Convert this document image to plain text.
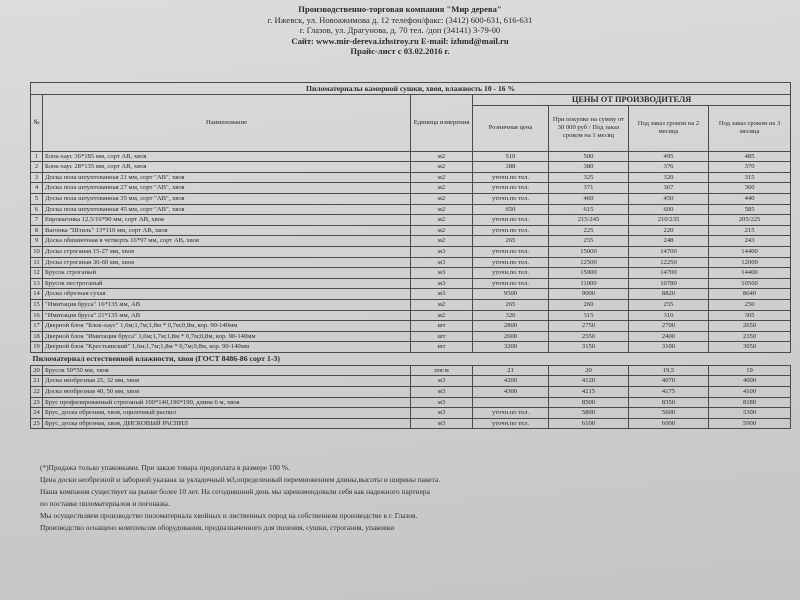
Производственно-торговая компания "Мир дерева"
г. Ижевск, ул. Новоажимова д. 12 телефон/факс: (3412) 600-631, 616-631
г. Глазов, ул. Драгунова, д. 70 тел. /доп (34141) 3-79-00
Сайт: www.mir-dereva.izhstroy.ru E-mail: izhmd@mail.ru
Прайс-лист с 03.02.2016 г.
Пиломатериалы камерной сушки, хвоя, влажность 10 - 16 %						
№	Наименование	Единица измерения	ЦЕНЫ ОТ ПРОИЗВОДИТЕЛЯ			
			Розничная цена	При покупке на сумму от 30 000 руб / Под заказ сроком на 1 месяц	Под заказ сроком на 2 месяца	Под заказ сроком на 3 месяца
1	Блок-хаус 36*185 мм, сорт АВ, хвоя	м2	510	500	495	485
2	Блок-хаус 28*135 мм, сорт АВ, хвоя	м2	388	380	376	370
3	Доска пола шпунтованная 21 мм, сорт "АВ", хвоя	м2	уточн.по тел.	325	320	315
4	Доска пола шпунтованная 27 мм, сорт "АВ", хвоя	м2	уточн.по тел.	371	367	360
5	Доска пола шпунтованная 35 мм, сорт "АВ", хвоя	м2	уточн.по тел.	460	450	440
6	Доска пола шпунтованная 45 мм, сорт "АВ", хвоя	м2	650	615	600	585
7	Евровагонка 12,5/16*90 мм, сорт АВ, хвоя	м2	уточн.по тел.	215/245	210/235	205/225
8	Вагонка "Штиль" 13*110 мм, сорт АВ, хвоя	м2	уточн.по тел.	225	220	215
9	Доска обшивочная в четверть 16*97 мм, сорт АВ, хвоя	м2	265	255	248	243
10	Доска строганая 15-27 мм, хвоя	м3	уточн.по тел.	15000	14700	14400
11	Доска строганая 30-60 мм, хвоя	м3	уточн.по тел.	12500	12250	12000
12	Брусок строганый	м3	уточн.по тел.	15000	14700	14400
13	Брусок нестроганый	м3	уточн.по тел.	11000	10780	10560
14	Доска обрезная сухая	м3	9500	9000	8820	8640
15	"Имитация бруса" 16*135 мм, АВ	м2	265	260	255	250
16	"Имитация бруса" 21*135 мм, АВ	м2	320	315	310	305
17	Дверной блок "Блок-хаус" 1,6м;1,7м;1,8м * 0,7м;0,8м, кор. 90-140мм	шт	2800	2750	2700	2650
18	Дверной блок "Имитация бруса" 1,6м;1,7м;1,8м * 0,7м;0,8м, кор. 90-140мм	шт	2600	2550	2400	2350
19	Дверной блок "Крестьянский" 1,6м;1,7м;1,8м * 0,7м;0,8м, кор. 90-140мм	шт	3200	3150	3100	3050
Пиломатериал естественной влажности, хвоя (ГОСТ 8486-86 сорт 1-3)						
20	Брусок 50*50 мм, хвоя	пог.м	21	20	19,5	19
21	Доска необрезная 25, 32 мм, хвоя	м3	4200	4120	4070	4000
22	Доска необрезная 40, 50 мм, хвоя	м3	4300	4215	4175	4100
23	Брус профилированный строганый 100*140,190*190, длина 6 м, хвоя	м3		8500	8350	8180
24	Брус, доска обрезная, хвоя, оцилочный распил	м3	уточн.по тел.	5800	5600	5300
25	Брус, доска обрезная, хвоя, ДИСКОВЫЙ РАСПИЛ	м3	уточн.по тел.	6100	6000	5900
(*)Продажа только упаковками. При заказе товара предоплата в размере 100 %.
Цена доски необрезной и заборной указана за укладочный м3,определенный перемножением длины,высоты и ширины пакета.
Наша компания существует на рынке более 10 лет. На сегодняшний день мы зарекомендовали себя как надежного партнера
по поставке пиломатериалов и погонажа.
Мы осуществляем производство пиломатериала хвойных и лиственных пород на собственном производстве в г. Глазов.
Производство оснащено комплексом оборудования, предназначенного для пиления, сушки, строгания, упаковки
